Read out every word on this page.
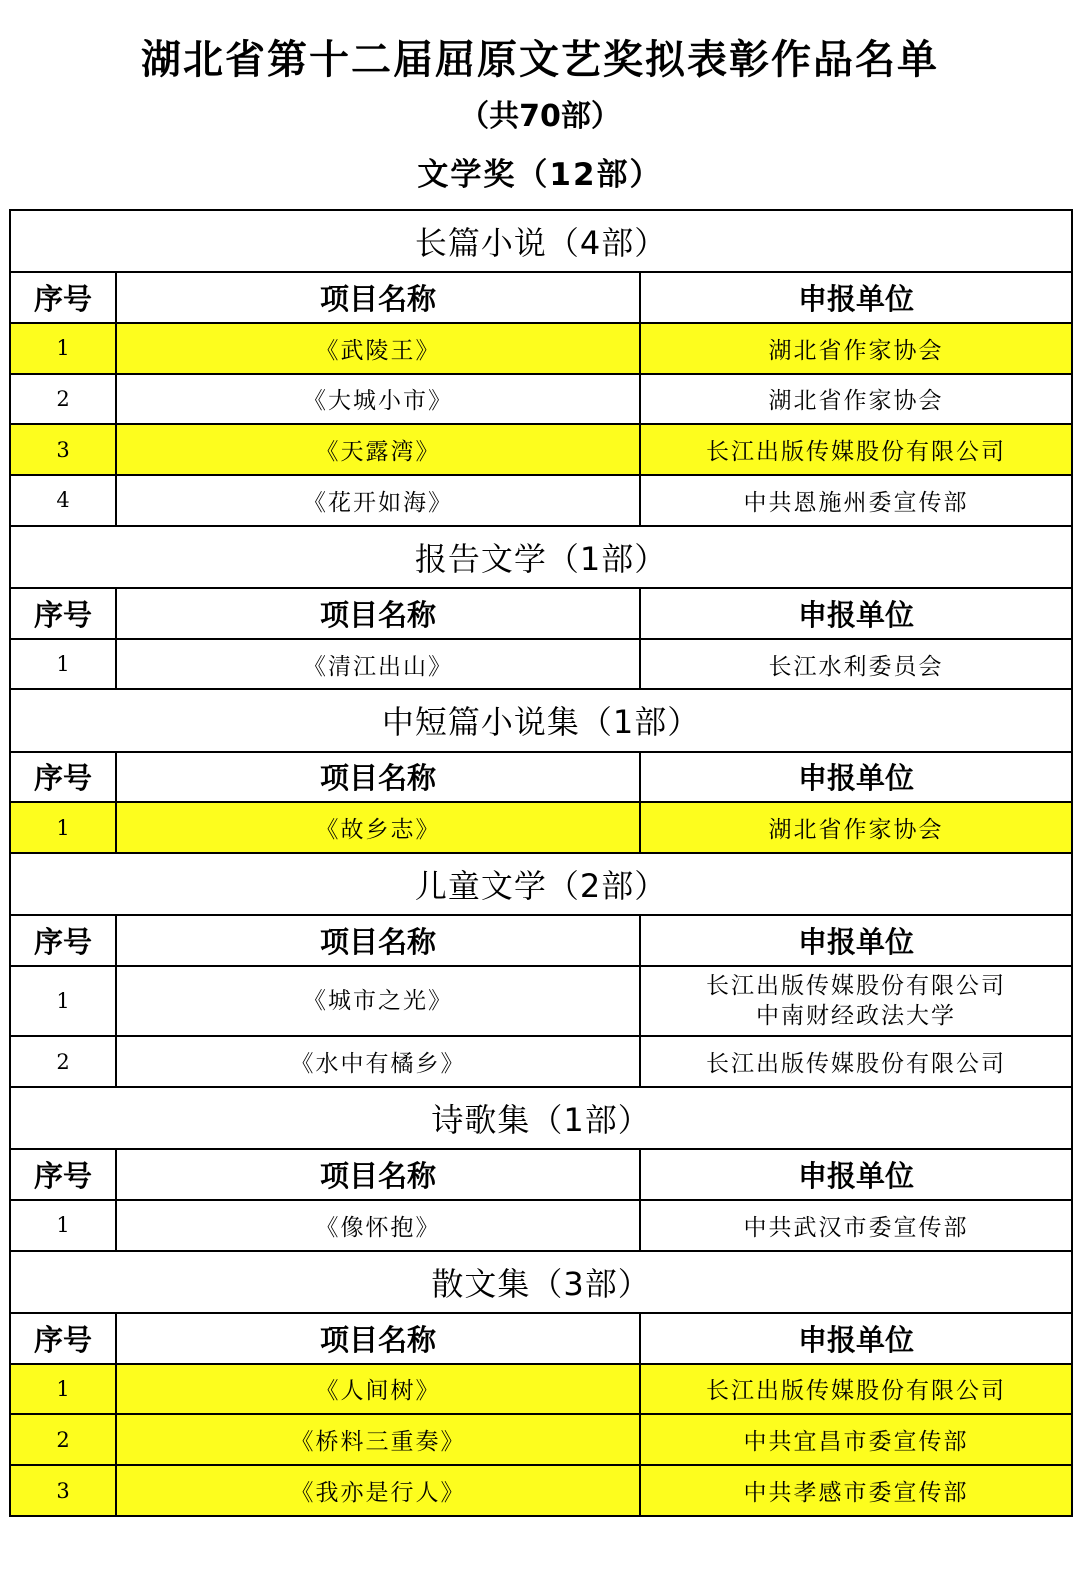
湖北省第十二届屈原文艺奖拟表彰作品名单
（共70部）
文学奖（12部）
长篇小说（4部）		
序号	项目名称	申报单位
1	《武陵王》	湖北省作家协会
2	《大城小市》	湖北省作家协会
3	《天露湾》	长江出版传媒股份有限公司
4	《花开如海》	中共恩施州委宣传部
报告文学（1部）		
序号	项目名称	申报单位
1	《清江出山》	长江水利委员会
中短篇小说集（1部）		
序号	项目名称	申报单位
1	《故乡志》	湖北省作家协会
儿童文学（2部）		
序号	项目名称	申报单位
1	《城市之光》	长江出版传媒股份有限公司
中南财经政法大学

2	《水中有橘乡》	长江出版传媒股份有限公司
诗歌集（1部）		
序号	项目名称	申报单位
1	《像怀抱》	中共武汉市委宣传部
散文集（3部）		
序号	项目名称	申报单位
1	《人间树》	长江出版传媒股份有限公司
2	《桥料三重奏》	中共宜昌市委宣传部
3	《我亦是行人》	中共孝感市委宣传部
